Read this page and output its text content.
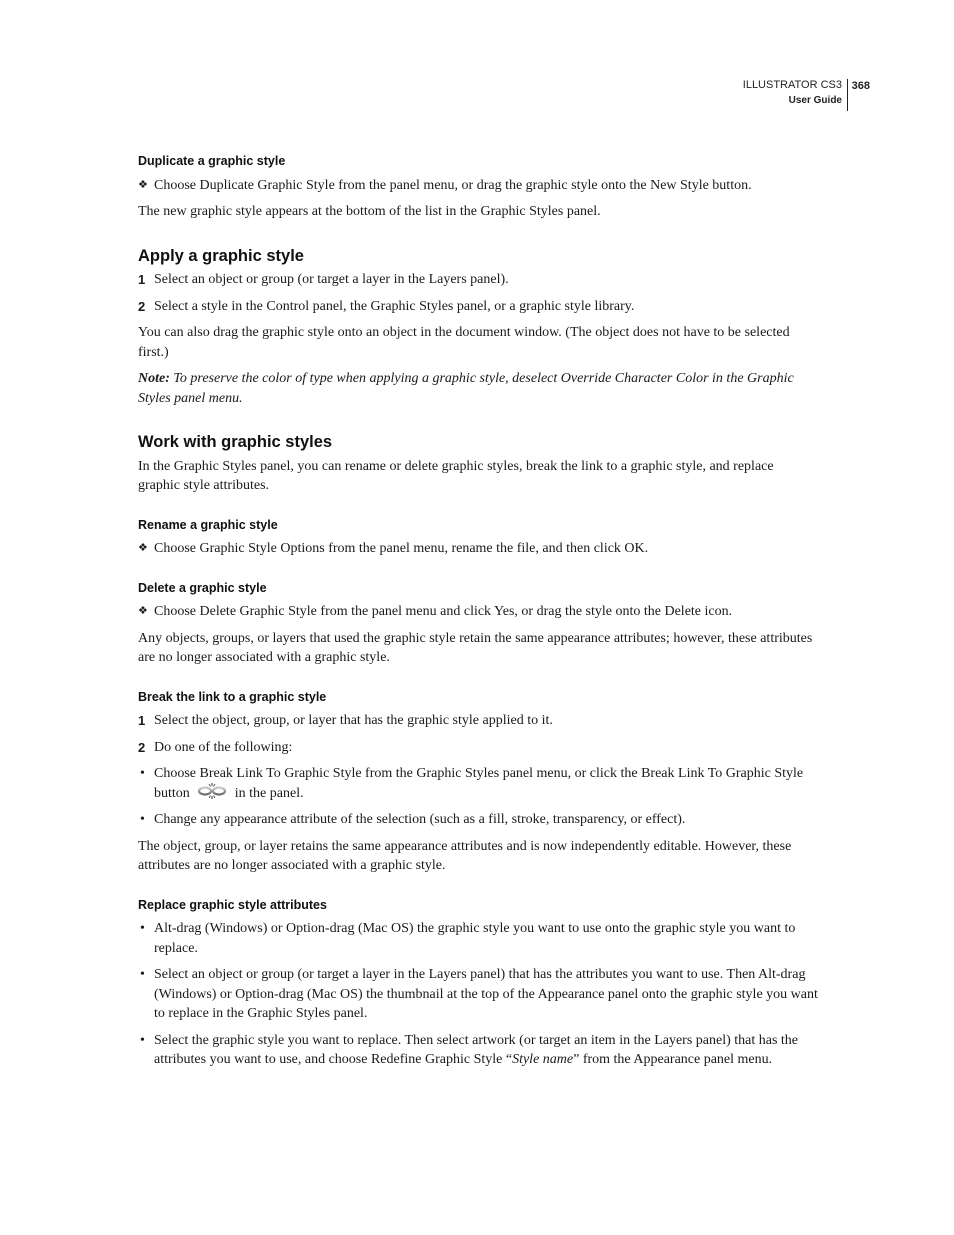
ILLUSTRATOR CS3
User Guide
368
Duplicate a graphic style
❖ Choose Duplicate Graphic Style from the panel menu, or drag the graphic style onto the New Style button.

The new graphic style appears at the bottom of the list in the Graphic Styles panel.

Apply a graphic style
1 Select an object or group (or target a layer in the Layers panel).
2 Select a style in the Control panel, the Graphic Styles panel, or a graphic style library.

You can also drag the graphic style onto an object in the document window. (The object does not have to be selected first.)

Note: To preserve the color of type when applying a graphic style, deselect Override Character Color in the Graphic Styles panel menu.

Work with graphic styles

In the Graphic Styles panel, you can rename or delete graphic styles, break the link to a graphic style, and replace graphic style attributes.

Rename a graphic style
❖ Choose Graphic Style Options from the panel menu, rename the file, and then click OK.
Delete a graphic style
❖ Choose Delete Graphic Style from the panel menu and click Yes, or drag the style onto the Delete icon.

Any objects, groups, or layers that used the graphic style retain the same appearance attributes; however, these attributes are no longer associated with a graphic style.

Break the link to a graphic style
1 Select the object, group, or layer that has the graphic style applied to it.
2 Do one of the following:
• Choose Break Link To Graphic Style from the Graphic Styles panel menu, or click the Break Link To Graphic Style button	in the panel.
• Change any appearance attribute of the selection (such as a fill, stroke, transparency, or effect).

The object, group, or layer retains the same appearance attributes and is now independently editable. However, these attributes are no longer associated with a graphic style.

Replace graphic style attributes
• Alt-drag (Windows) or Option-drag (Mac OS) the graphic style you want to use onto the graphic style you want to replace.
• Select an object or group (or target a layer in the Layers panel) that has the attributes you want to use. Then Alt-drag (Windows) or Option-drag (Mac OS) the thumbnail at the top of the Appearance panel onto the graphic style you want to replace in the Graphic Styles panel.
• Select the graphic style you want to replace. Then select artwork (or target an item in the Layers panel) that has the attributes you want to use, and choose Redefine Graphic Style “Style name” from the Appearance panel menu.
